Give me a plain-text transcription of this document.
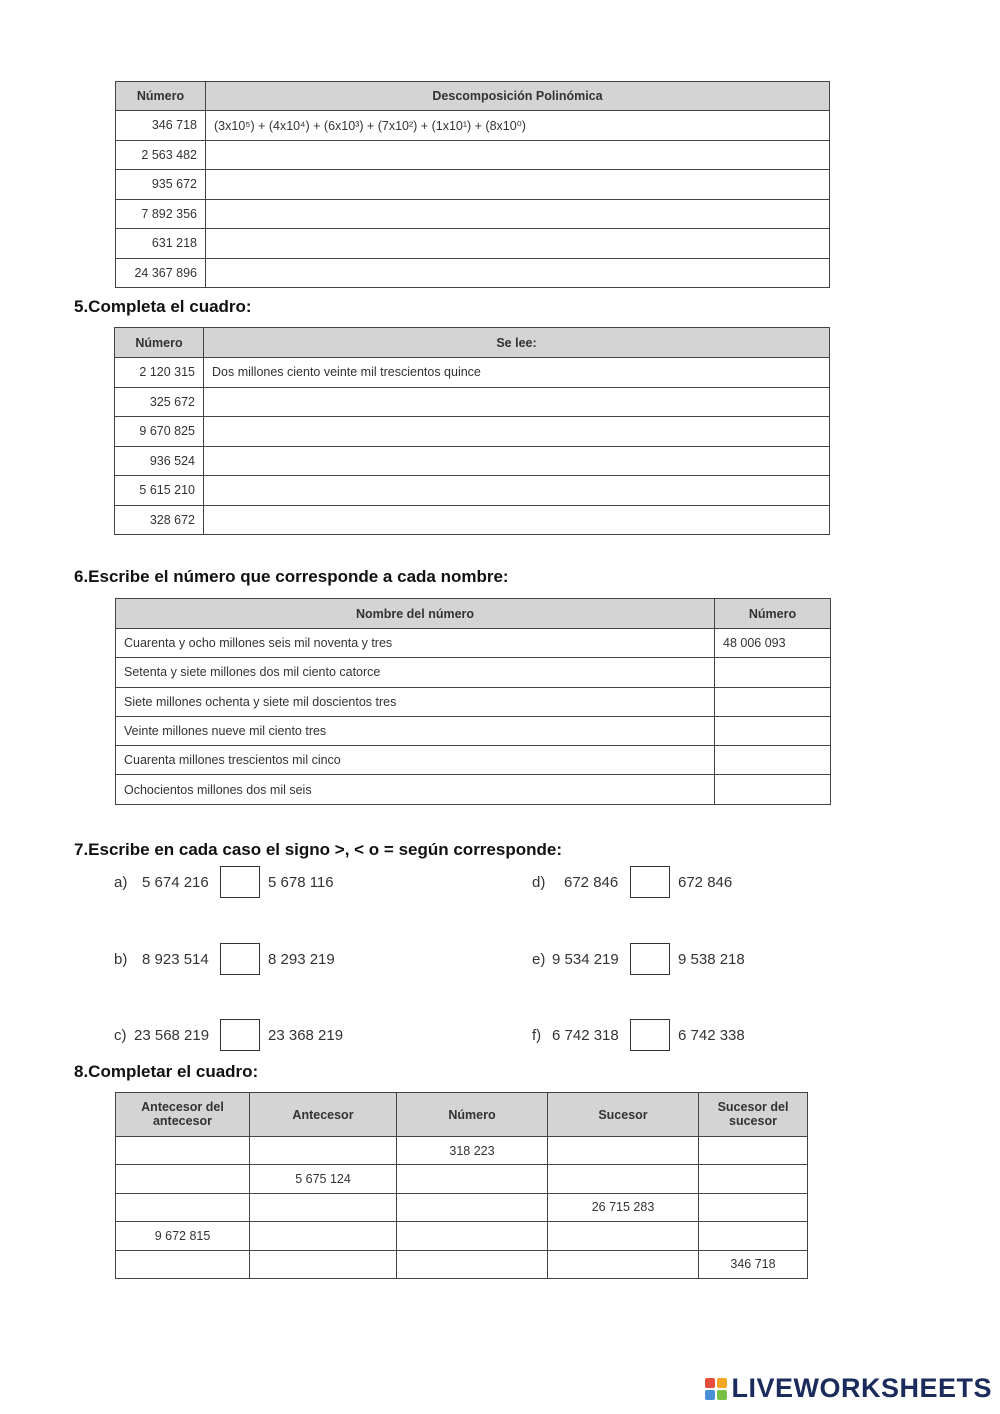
Número	Descomposición Polinómica
346 718	(3x10⁵) + (4x10⁴) + (6x10³) + (7x10²) + (1x10¹) + (8x10⁰)
2 563 482	
935 672	
7 892 356	
631 218	
24 367 896	
5.Completa el cuadro:
Número	Se lee:
2 120 315	Dos millones ciento veinte mil trescientos quince
325 672	
9 670 825	
936 524	
5 615 210	
328 672	
6.Escribe el número que corresponde a cada nombre:
Nombre del número	Número
Cuarenta y ocho millones seis mil noventa y tres	48 006 093
Setenta y siete millones dos mil ciento catorce	
Siete millones ochenta y siete mil doscientos tres	
Veinte millones nueve mil ciento tres	
Cuarenta millones trescientos mil cinco	
Ochocientos millones dos mil seis	
7.Escribe en cada caso el signo >, < o = según corresponde:
a) 5 674 216	5 678 116
b) 8 923 514	8 293 219
c) 23 568 219	23 368 219
d)	672 846	672 846
e) 9 534 219	9 538 218
f) 6 742 318	6 742 338
8.Completar el cuadro:
Antecesor del antecesor	Antecesor	Número	Sucesor	Sucesor del sucesor
		318 223		
	5 675 124			
			26 715 283	
9 672 815				
				346 718
LIVEWORKSHEETS
